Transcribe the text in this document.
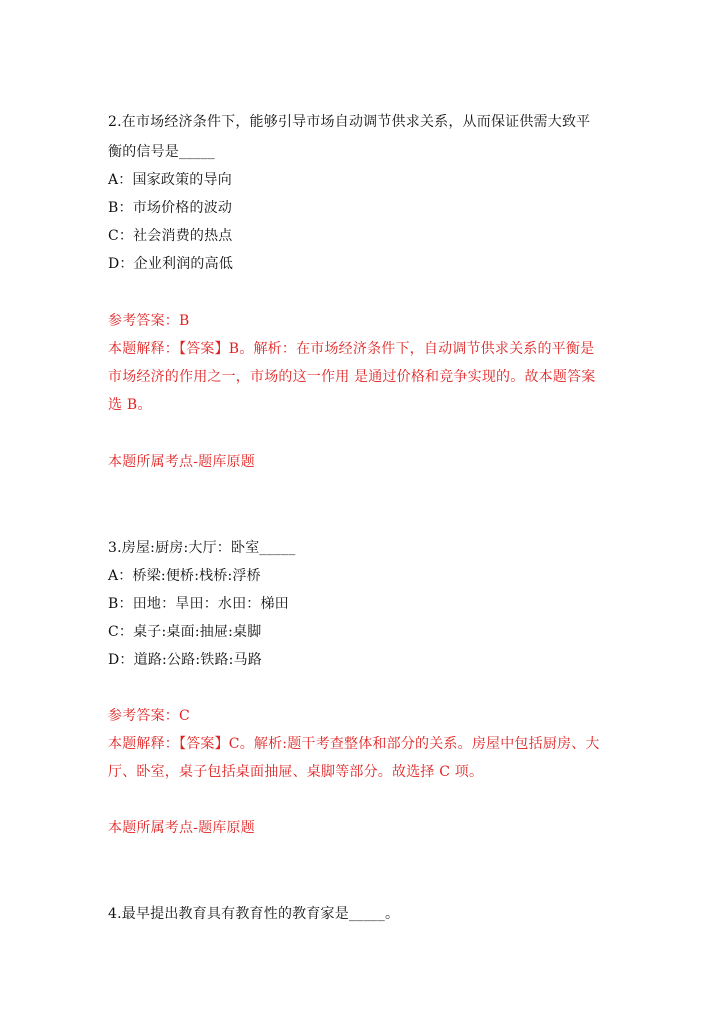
2.在市场经济条件下，能够引导市场自动调节供求关系，从而保证供需大致平
衡的信号是_____
A：国家政策的导向
B：市场价格的波动
C：社会消费的热点
D：企业利润的高低
参考答案：B
本题解释：【答案】B。解析：在市场经济条件下，自动调节供求关系的平衡是
市场经济的作用之一，市场的这一作用 是通过价格和竞争实现的。故本题答案
选 B。
本题所属考点-题库原题
3.房屋:厨房:大厅：卧室_____
A：桥梁:便桥:栈桥:浮桥
B：田地：旱田：水田：梯田
C：桌子:桌面:抽屉:桌脚
D：道路:公路:铁路:马路
参考答案：C
本题解释：【答案】C。解析:题干考查整体和部分的关系。房屋中包括厨房、大
厅、卧室，桌子包括桌面抽屉、桌脚等部分。故选择 C 项。
本题所属考点-题库原题
4.最早提出教育具有教育性的教育家是_____。
